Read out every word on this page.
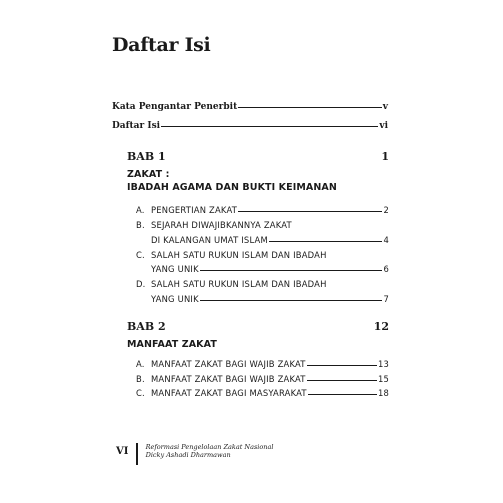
Daftar Isi
Kata Pengantar Penerbit	v
Daftar Isi	vi
BAB 1	1
ZAKAT :
IBADAH AGAMA DAN BUKTI KEIMANAN
A. PENGERTIAN ZAKAT	2
B. SEJARAH DIWAJIBKANNYA ZAKAT
DI KALANGAN UMAT ISLAM	4
C. SALAH SATU RUKUN ISLAM DAN IBADAH
YANG UNIK	6
D. SALAH SATU RUKUN ISLAM DAN IBADAH
YANG UNIK	7
BAB 2	12
MANFAAT ZAKAT
A. MANFAAT ZAKAT BAGI WAJIB ZAKAT	13
B. MANFAAT ZAKAT BAGI WAJIB ZAKAT	15
C. MANFAAT ZAKAT BAGI MASYARAKAT	18
VI	Reformasi Pengelolaan Zakat Nasional
Dicky Ashadi Dharmawan
